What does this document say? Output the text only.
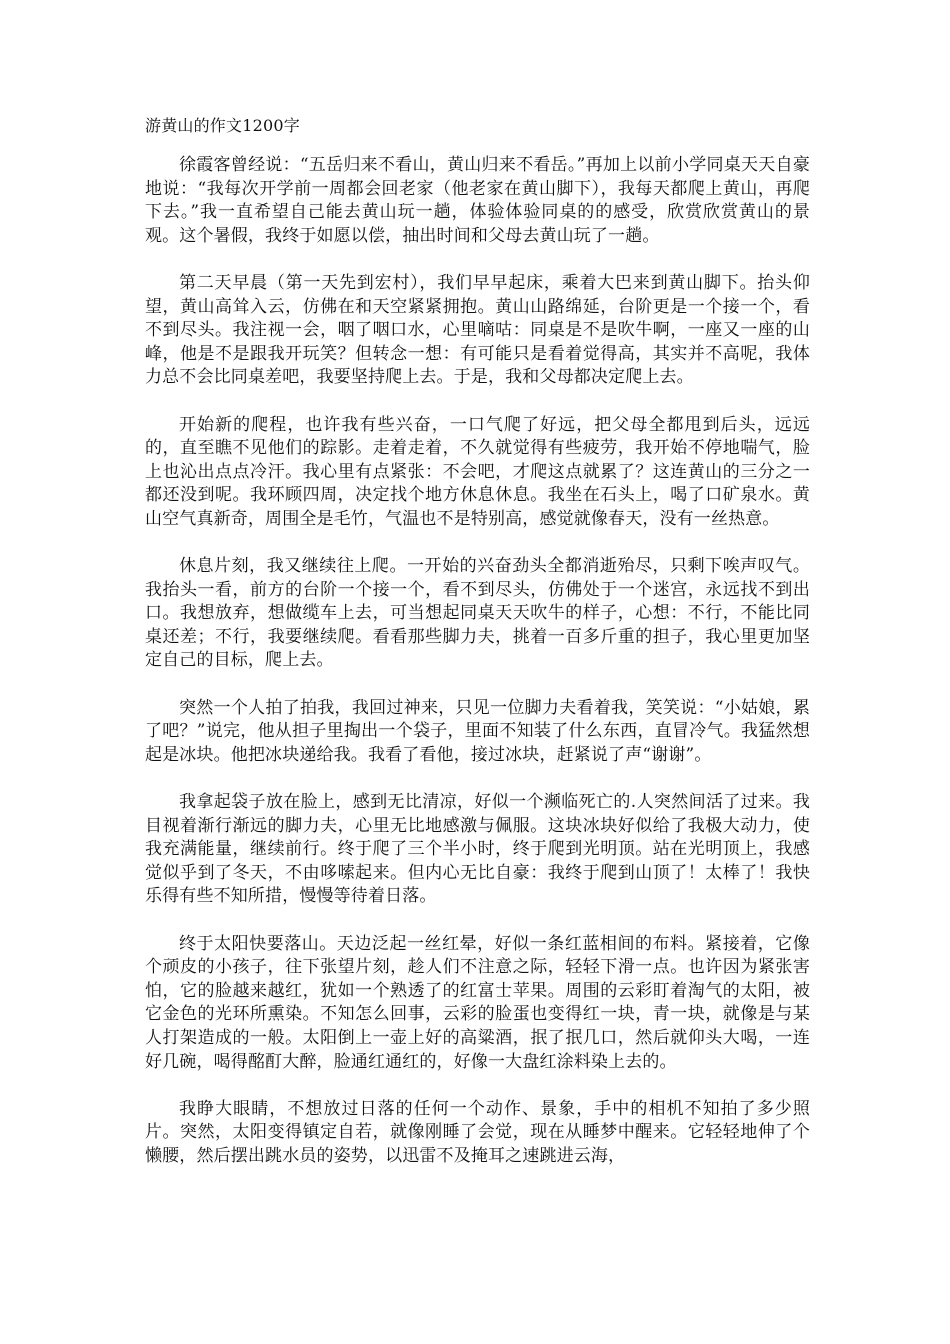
游黄山的作文1200字

徐霞客曾经说：“五岳归来不看山，黄山归来不看岳。”再加上以前小学同桌天天自豪地说：“我每次开学前一周都会回老家（他老家在黄山脚下），我每天都爬上黄山，再爬下去。”我一直希望自己能去黄山玩一趟，体验体验同桌的的感受，欣赏欣赏黄山的景观。这个暑假，我终于如愿以偿，抽出时间和父母去黄山玩了一趟。

第二天早晨（第一天先到宏村），我们早早起床，乘着大巴来到黄山脚下。抬头仰望，黄山高耸入云，仿佛在和天空紧紧拥抱。黄山山路绵延，台阶更是一个接一个，看不到尽头。我注视一会，咽了咽口水，心里嘀咕：同桌是不是吹牛啊，一座又一座的山峰，他是不是跟我开玩笑？但转念一想：有可能只是看着觉得高，其实并不高呢，我体力总不会比同桌差吧，我要坚持爬上去。于是，我和父母都决定爬上去。

开始新的爬程，也许我有些兴奋，一口气爬了好远，把父母全都甩到后头，远远的，直至瞧不见他们的踪影。走着走着，不久就觉得有些疲劳，我开始不停地喘气，脸上也沁出点点冷汗。我心里有点紧张：不会吧，才爬这点就累了？这连黄山的三分之一都还没到呢。我环顾四周，决定找个地方休息休息。我坐在石头上，喝了口矿泉水。黄山空气真新奇，周围全是毛竹，气温也不是特别高，感觉就像春天，没有一丝热意。

休息片刻，我又继续往上爬。一开始的兴奋劲头全都消逝殆尽，只剩下唉声叹气。我抬头一看，前方的台阶一个接一个，看不到尽头，仿佛处于一个迷宫，永远找不到出口。我想放弃，想做缆车上去，可当想起同桌天天吹牛的样子，心想：不行，不能比同桌还差；不行，我要继续爬。看看那些脚力夫，挑着一百多斤重的担子，我心里更加坚定自己的目标，爬上去。

突然一个人拍了拍我，我回过神来，只见一位脚力夫看着我，笑笑说：“小姑娘，累了吧？”说完，他从担子里掏出一个袋子，里面不知装了什么东西，直冒冷气。我猛然想起是冰块。他把冰块递给我。我看了看他，接过冰块，赶紧说了声“谢谢”。

我拿起袋子放在脸上，感到无比清凉，好似一个濒临死亡的.人突然间活了过来。我目视着渐行渐远的脚力夫，心里无比地感激与佩服。这块冰块好似给了我极大动力，使我充满能量，继续前行。终于爬了三个半小时，终于爬到光明顶。站在光明顶上，我感觉似乎到了冬天，不由哆嗦起来。但内心无比自豪：我终于爬到山顶了！太棒了！我快乐得有些不知所措，慢慢等待着日落。

终于太阳快要落山。天边泛起一丝红晕，好似一条红蓝相间的布料。紧接着，它像个顽皮的小孩子，往下张望片刻，趁人们不注意之际，轻轻下滑一点。也许因为紧张害怕，它的脸越来越红，犹如一个熟透了的红富士苹果。周围的云彩盯着淘气的太阳，被它金色的光环所熏染。不知怎么回事，云彩的脸蛋也变得红一块，青一块，就像是与某人打架造成的一般。太阳倒上一壶上好的高粱酒，抿了抿几口，然后就仰头大喝，一连好几碗，喝得酩酊大醉，脸通红通红的，好像一大盘红涂料染上去的。

我睁大眼睛，不想放过日落的任何一个动作、景象，手中的相机不知拍了多少照片。突然，太阳变得镇定自若，就像刚睡了会觉，现在从睡梦中醒来。它轻轻地伸了个懒腰，然后摆出跳水员的姿势，以迅雷不及掩耳之速跳进云海，
